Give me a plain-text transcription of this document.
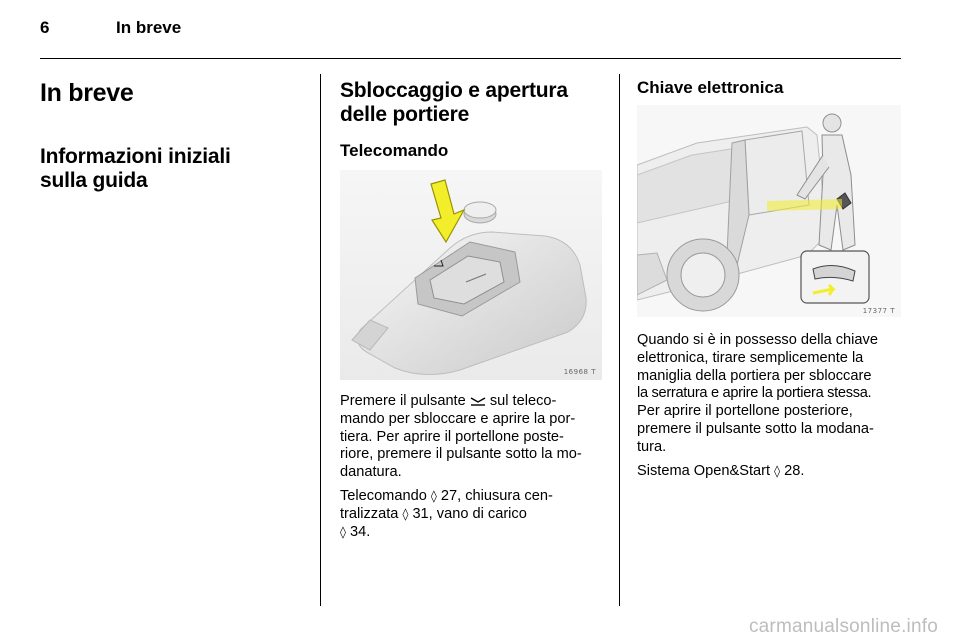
6	In breve
In breve
Informazioni iniziali
sulla guida
Sbloccaggio e apertura
delle portiere
Telecomando
16968 T

Premere il pulsante  sul teleco-
mando per sbloccare e aprire la por-
tiera. Per aprire il portellone poste-
riore, premere il pulsante sotto la mo-
danatura.

Telecomando ◊ 27, chiusura cen-
tralizzata ◊ 31, vano di carico
◊ 34.

Chiave elettronica
17377 T

Quando si è in possesso della chiave
elettronica, tirare semplicemente la
maniglia della portiera per sbloccare
la serratura e aprire la portiera stessa.
Per aprire il portellone posteriore,
premere il pulsante sotto la modana-
tura.

Sistema Open&Start ◊ 28.

carmanualsonline.info
